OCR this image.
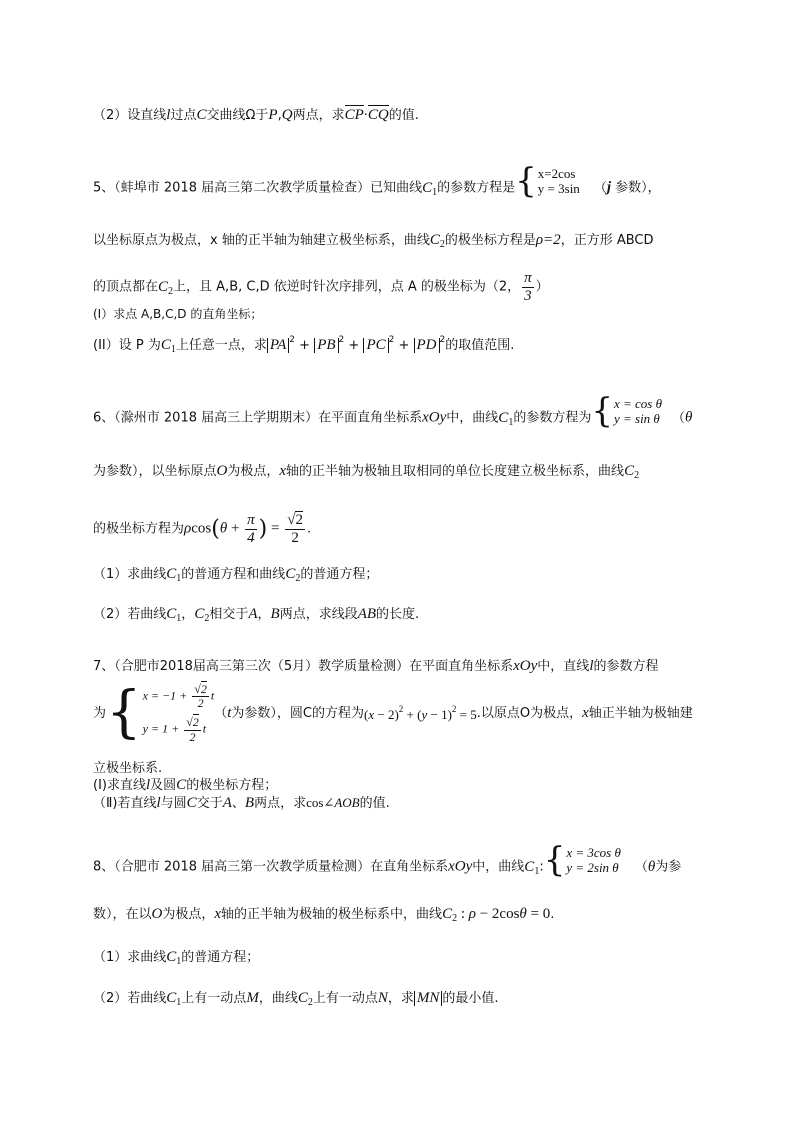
（2）设直线l过点C交曲线Ω于P,Q两点，求CP·CQ的值.
5、（蚌埠市 2018 届高三第二次教学质量检查）已知曲线$C_1$的参数方程是 { x=2cos
y = 3sin （j 参数），
以坐标原点为极点，x 轴的正半轴为轴建立极坐标系，曲线$C_2$的极坐标方程是ρ=2，正方形 ABCD
的顶点都在$C_2$上，且 A,B, C,D 依逆时针次序排列，点 A 的极坐标为（2， $\frac{\pi}{3}$ ）
(I）求点 A,B,C,D 的直角坐标；
(II）设 P 为$C_1$上任意一点，求 PA $^2$ + PB $^2$ + PC $^2$ + PD $^2$的取值范围.
6、（滁州市 2018 届高三上学期期末）在平面直角坐标系xOy中，曲线$C_1$的参数方程为 { x = cos θ
y = sin θ （θ
为参数），以坐标原点O为极点，x轴的正半轴为极轴且取相同的单位长度建立极坐标系，曲线$C_2$
的极坐标方程为$\rho\cos(\theta + \frac{\pi}{4}$ ) = $\frac{√2}{2}$ .
（1）求曲线$C_1$的普通方程和曲线$C_2$的普通方程；
（2）若曲线$C_1$，$C_2$相交于A，B两点，求线段AB的长度.
7、（合肥市2018届高三第三次（5月）教学质量检测）在平面直角坐标系xOy中，直线l的参数方程
为 { $x = -1 + \frac{√2}{2}$ t
$y = 1 + \frac{√2}{2}$ t
（t为参数），圆C的方程为$(x - 2)^2 + (y - 1)^2 = 5$.以原点O为极点，x轴正半轴为极轴建
立极坐标系.
(Ⅰ)求直线l及圆C的极坐标方程；
（Ⅱ)若直线l与圆C交于A、B两点，求cos∠AOB的值.
8、（合肥市 2018 届高三第一次教学质量检测）在直角坐标系xOy中，曲线$C_1$: { x = 3cos θ
y = 2sin θ （θ为参
数），在以O为极点，x轴的正半轴为极轴的极坐标系中，曲线$C_2$ : ρ − 2cosθ = 0.
（1）求曲线$C_1$的普通方程；
（2）若曲线$C_1$上有一动点M，曲线$C_2$上有一动点N，求 MN 的最小值.
